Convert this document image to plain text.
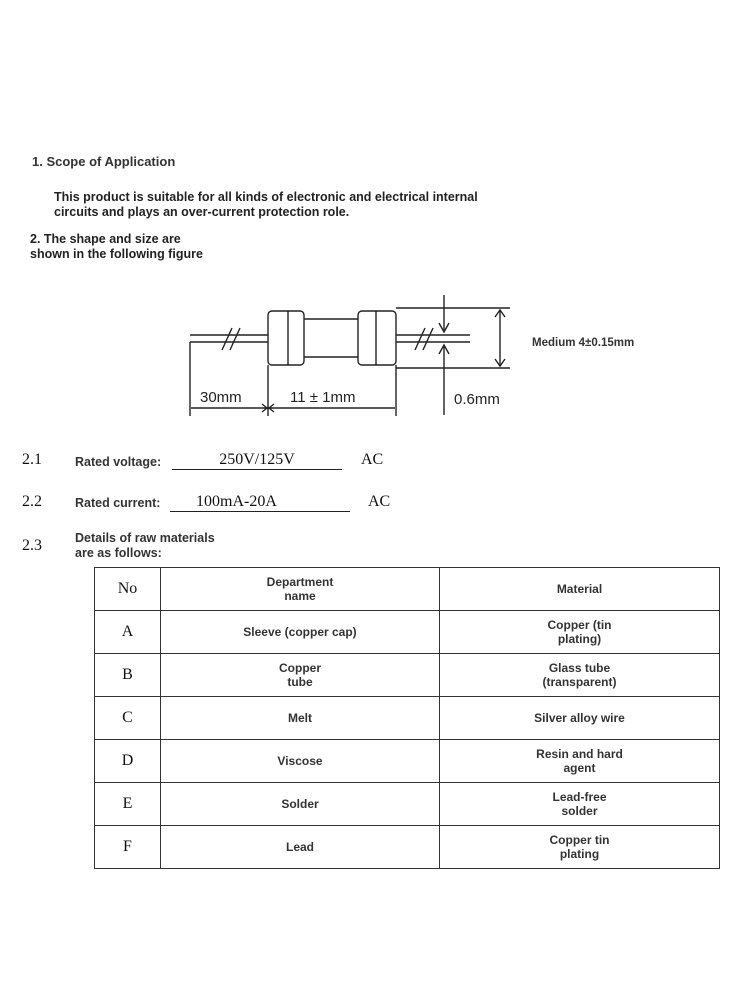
1. Scope of Application
This product is suitable for all kinds of electronic and electrical internal
circuits and plays an over-current protection role.
2. The shape and size are
shown in the following figure
30mm	11 ± 1mm	0.6mm
Medium 4±0.15mm
2.1	Rated voltage:	250V/125V	AC
2.2	Rated current:	100mA-20A	AC
2.3	Details of raw materials
are as follows:
No	Department name	Material
A	Sleeve (copper cap)	Copper (tin plating)

B	Copper tube	Glass tube (transparent)

C	Melt	Silver alloy wire
D	Viscose	Resin and hard agent

E	Solder	Lead-free solder

F	Lead	Copper tin plating
